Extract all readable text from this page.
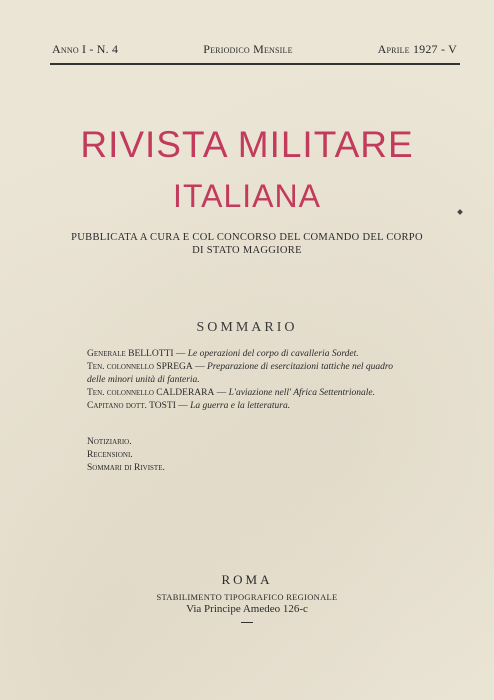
Anno I - N. 4	Periodico Mensile	Aprile 1927 - V
RIVISTA MILITARE
ITALIANA
PUBBLICATA A CURA E COL CONCORSO DEL COMANDO DEL CORPO
DI STATO MAGGIORE
SOMMARIO
Generale BELLOTTI — Le operazioni del corpo di cavalleria Sordet.
Ten. colonnello SPREGA — Preparazione di esercitazioni tattiche nel quadro delle minori unità di fanteria.
Ten. colonnello CALDERARA — L'aviazione nell' Africa Settentrionale.
Capitano dott. TOSTI — La guerra e la letteratura.
Notiziario.
Recensioni.
Sommari di Riviste.
ROMA
STABILIMENTO TIPOGRAFICO REGIONALE
Via Principe Amedeo 126-c
